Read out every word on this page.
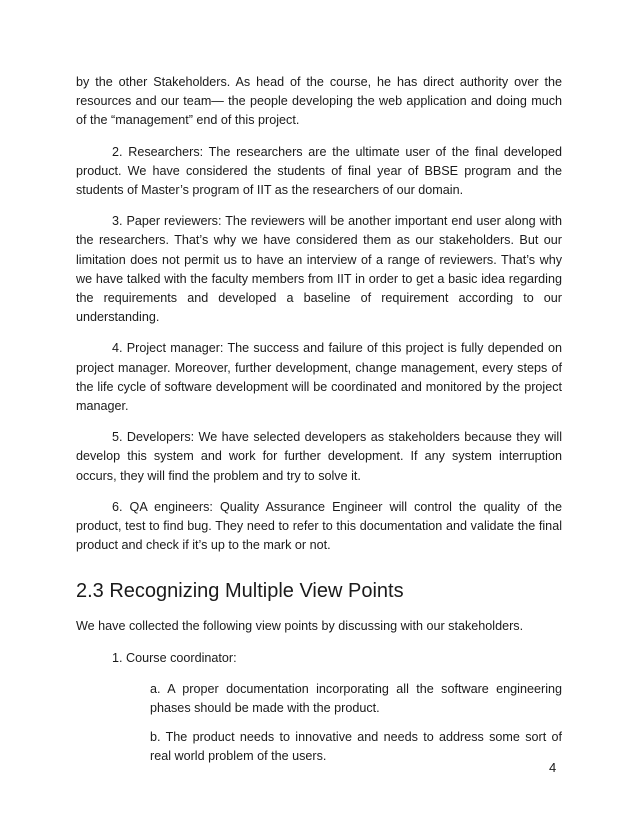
by the other Stakeholders. As head of the course, he has direct authority over the resources and our team— the people developing the web application and doing much of the “management” end of this project.

2. Researchers: The researchers are the ultimate user of the final developed product. We have considered the students of final year of BBSE program and the students of Master’s program of IIT as the researchers of our domain.

3. Paper reviewers: The reviewers will be another important end user along with the researchers. That’s why we have considered them as our stakeholders. But our limitation does not permit us to have an interview of a range of reviewers. That’s why we have talked with the faculty members from IIT in order to get a basic idea regarding the requirements and developed a baseline of requirement according to our understanding.

4. Project manager: The success and failure of this project is fully depended on project manager. Moreover, further development, change management, every steps of the life cycle of software development will be coordinated and monitored by the project manager.

5. Developers: We have selected developers as stakeholders because they will develop this system and work for further development. If any system interruption occurs, they will find the problem and try to solve it.

6. QA engineers: Quality Assurance Engineer will control the quality of the product, test to find bug. They need to refer to this documentation and validate the final product and check if it’s up to the mark or not.

2.3 Recognizing Multiple View Points

We have collected the following view points by discussing with our stakeholders.

1. Course coordinator:

a. A proper documentation incorporating all the software engineering phases should be made with the product.

b. The product needs to innovative and needs to address some sort of real world problem of the users.

4
